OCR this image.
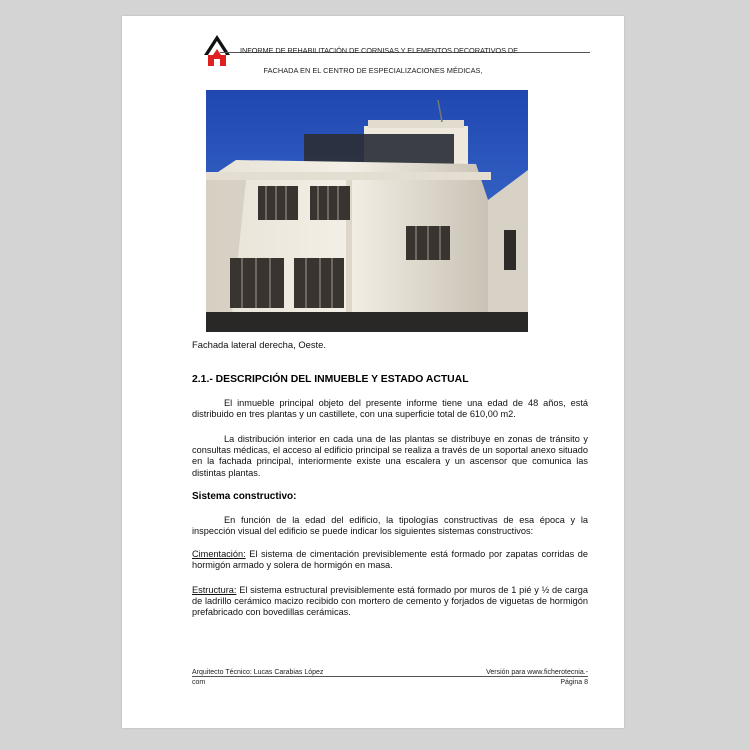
INFORME DE REHABILITACIÓN DE CORNISAS Y ELEMENTOS DECORATIVOS DE
FACHADA EN EL CENTRO DE ESPECIALIZACIONES MÉDICAS,
Fachada lateral derecha, Oeste.
2.1.- DESCRIPCIÓN DEL INMUEBLE Y ESTADO ACTUAL

El inmueble principal objeto del presente informe tiene una edad de 48 años, está distribuido en tres plantas y un castillete, con una superficie total de 610,00 m2.

La distribución interior en cada una de las plantas se distribuye en zonas de tránsito y consultas médicas, el acceso al edificio principal se realiza a través de un soportal anexo situado en la fachada principal, interiormente existe una escalera y un ascensor que comunica las distintas plantas.

Sistema constructivo:

En función de la edad del edificio, la tipologías constructivas de esa época y la inspección visual del edificio se puede indicar los siguientes sistemas constructivos:

Cimentación: El sistema de cimentación previsiblemente está formado por zapatas corridas de hormigón armado y solera de hormigón en masa.

Estructura: El sistema estructural previsiblemente está formado por muros de 1 pié y ½ de carga de ladrillo cerámico macizo recibido con mortero de cemento y forjados de viguetas de hormigón prefabricado con bovedillas cerámicas.

Arquitecto Técnico: Lucas Carabias López
com
Versión para www.ficherotecnia.-
Página 8
